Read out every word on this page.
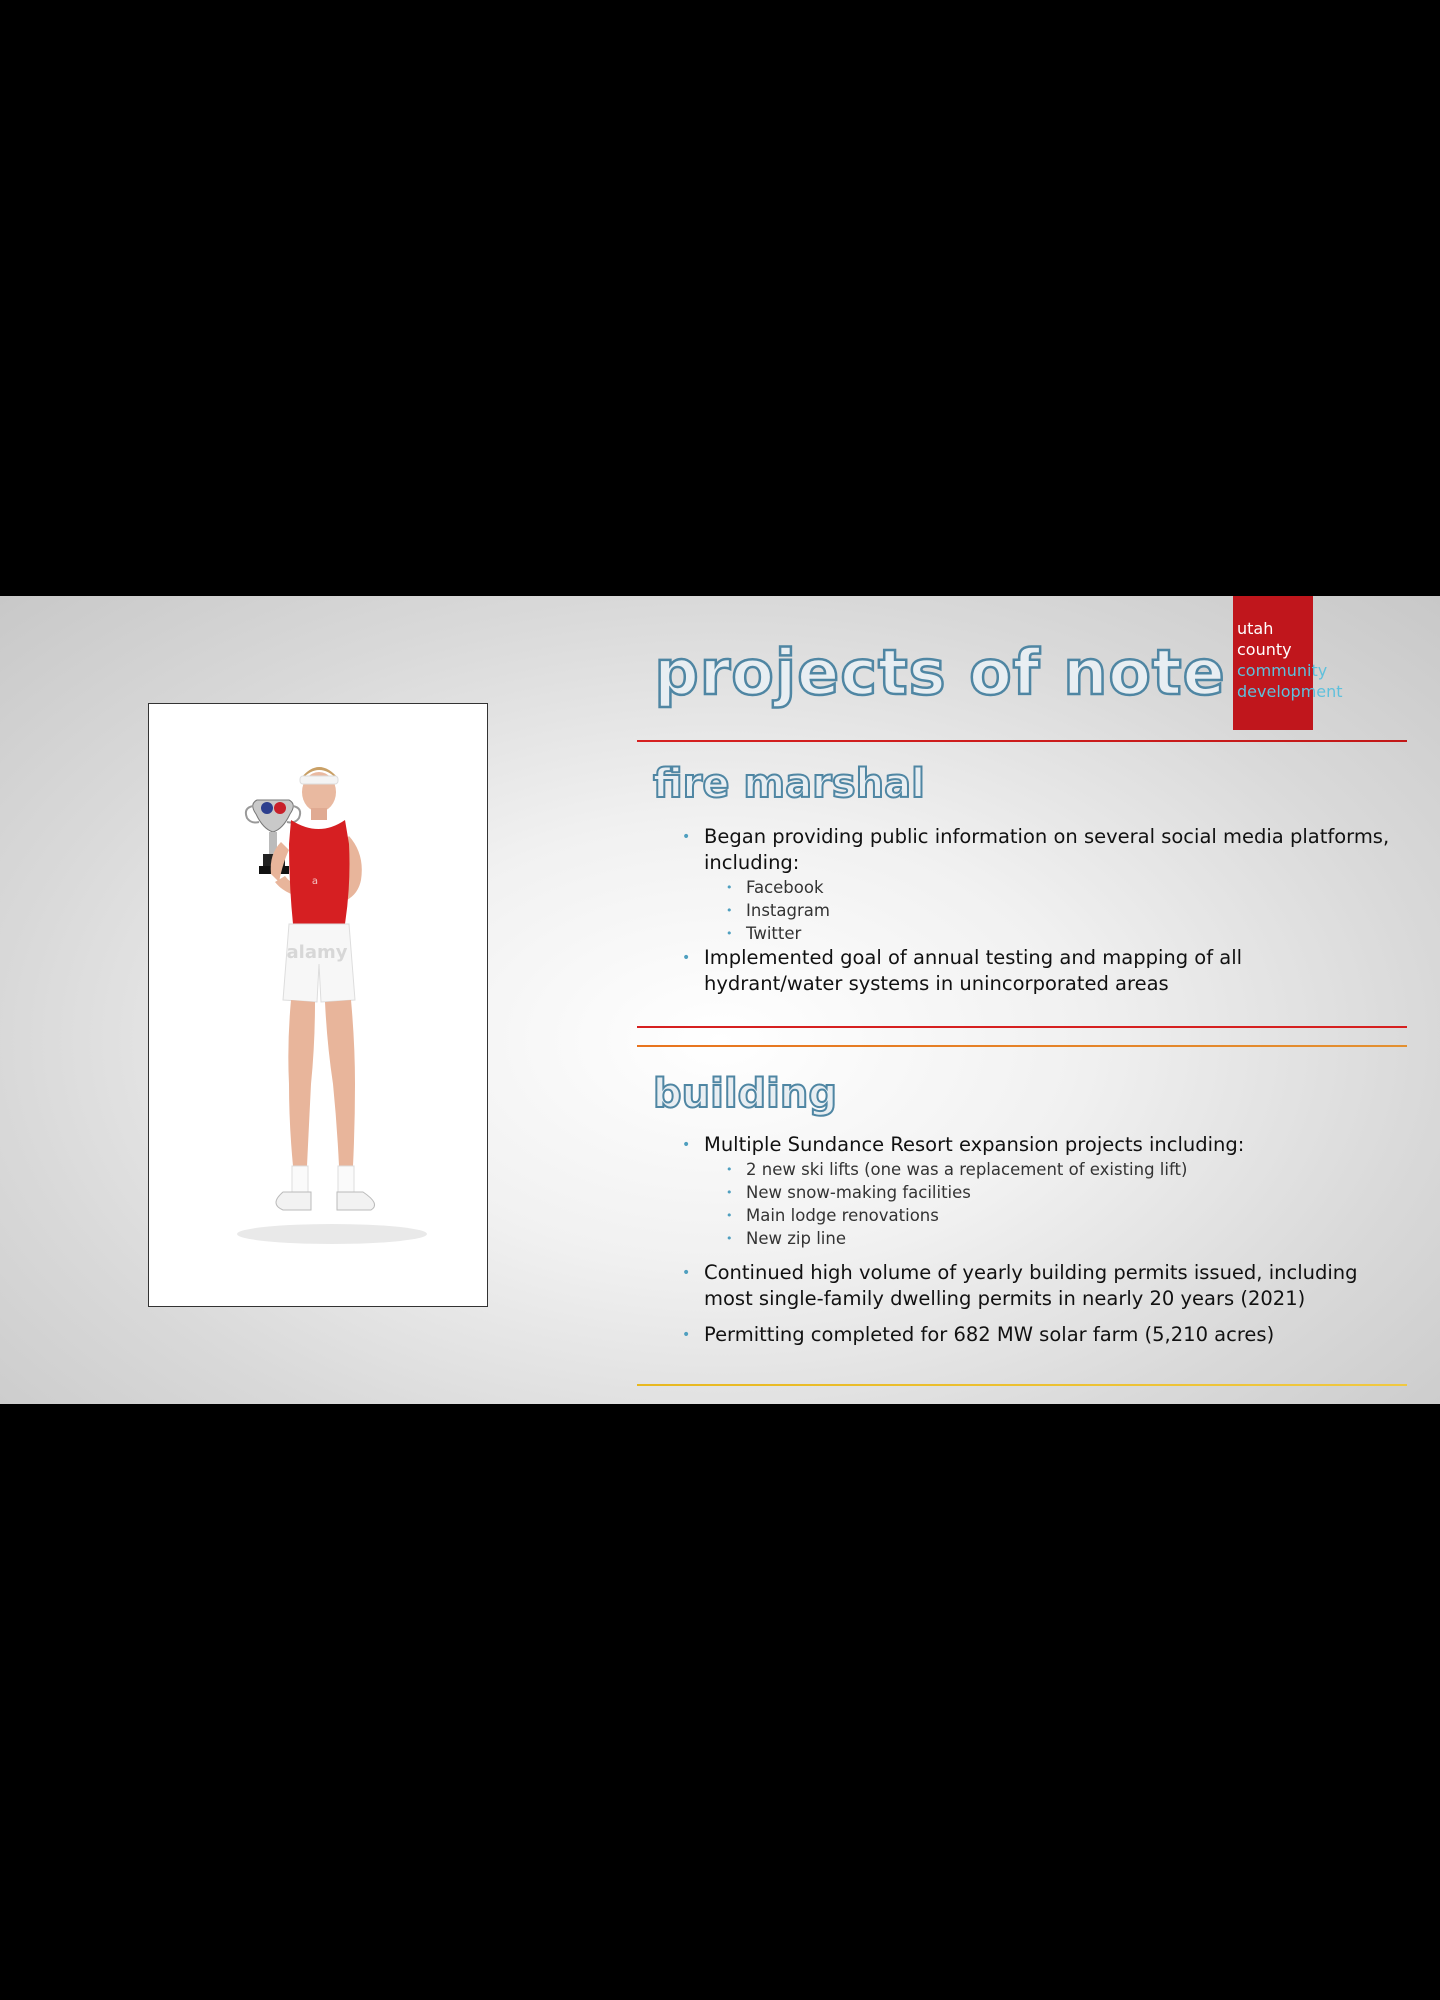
a
alamy
projects of note
utah
county
community
development
fire marshal
• Began providing public information on several social media platforms, including:
• Facebook
• Instagram
• Twitter
• Implemented goal of annual testing and mapping of all hydrant/water systems in unincorporated areas
building
• Multiple Sundance Resort expansion projects including:
• 2 new ski lifts (one was a replacement of existing lift)
• New snow-making facilities
• Main lodge renovations
• New zip line
• Continued high volume of yearly building permits issued, including most single-family dwelling permits in nearly 20 years (2021)
• Permitting completed for 682 MW solar farm (5,210 acres)
